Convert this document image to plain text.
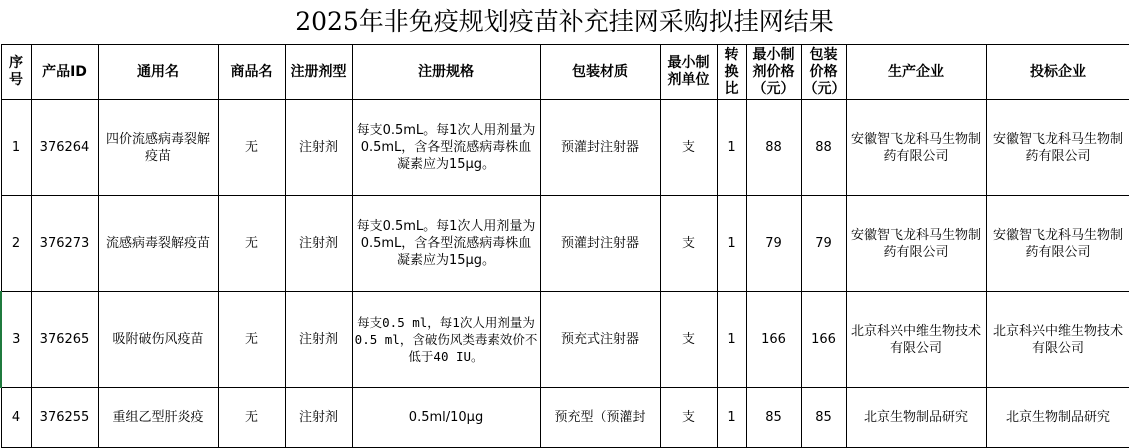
2025年非免疫规划疫苗补充挂网采购拟挂网结果
序号	产品ID	通用名	商品名	注册剂型	注册规格	包装材质	最小制剂单位	转换比	最小制剂价格（元）	包装价格（元）	生产企业	投标企业
1	376264	四价流感病毒裂解疫苗	无	注射剂	每支0.5mL。每1次人用剂量为0.5mL，含各型流感病毒株血凝素应为15μg。	预灌封注射器	支	1	88	88	安徽智飞龙科马生物制药有限公司	安徽智飞龙科马生物制药有限公司
2	376273	流感病毒裂解疫苗	无	注射剂	每支0.5mL。每1次人用剂量为0.5mL，含各型流感病毒株血凝素应为15μg。	预灌封注射器	支	1	79	79	安徽智飞龙科马生物制药有限公司	安徽智飞龙科马生物制药有限公司
3	376265	吸附破伤风疫苗	无	注射剂	每支0.5 ml，每1次人用剂量为0.5 ml，含破伤风类毒素效价不低于40 IU。	预充式注射器	支	1	166	166	北京科兴中维生物技术有限公司	北京科兴中维生物技术有限公司
4	376255	重组乙型肝炎疫	无	注射剂	0.5ml/10μg	预充型（预灌封	支	1	85	85	北京生物制品研究	北京生物制品研究
